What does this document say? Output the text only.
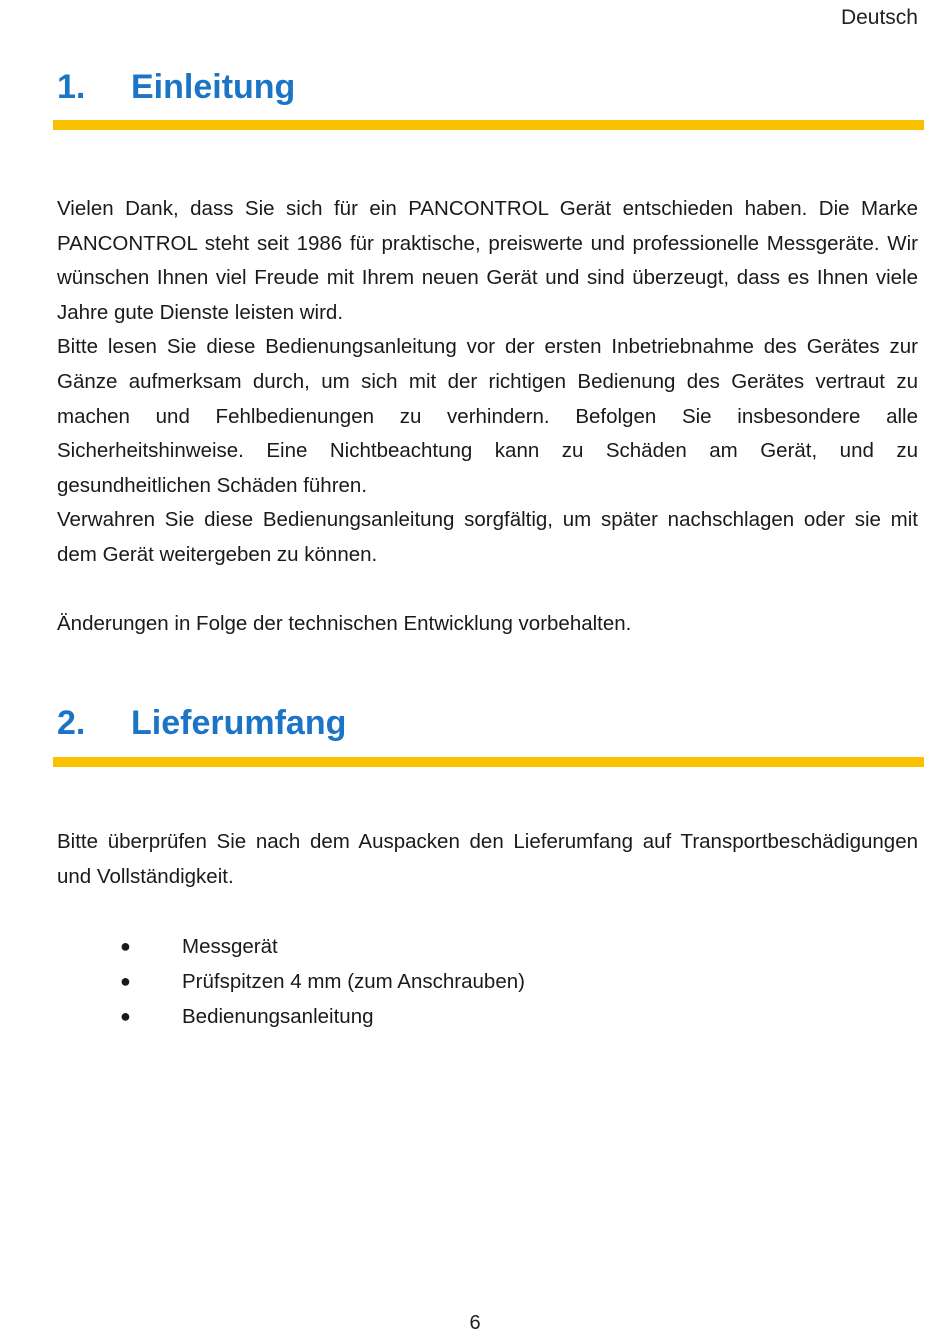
Deutsch
1.	Einleitung

Vielen Dank, dass Sie sich für ein PANCONTROL Gerät entschieden haben. Die Marke PANCONTROL steht seit 1986 für praktische, preiswerte und professionelle Messgeräte. Wir wünschen Ihnen viel Freude mit Ihrem neuen Gerät und sind überzeugt, dass es Ihnen viele Jahre gute Dienste leisten wird.

Bitte lesen Sie diese Bedienungsanleitung vor der ersten Inbetriebnahme des Gerätes zur Gänze aufmerksam durch, um sich mit der richtigen Bedienung des Gerätes vertraut zu machen und Fehlbedienungen zu verhindern. Befolgen Sie insbesondere alle Sicherheitshinweise. Eine Nichtbeachtung kann zu Schäden am Gerät, und zu gesundheitlichen Schäden führen.

Verwahren Sie diese Bedienungsanleitung sorgfältig, um später nachschlagen oder sie mit dem Gerät weitergeben zu können.

Änderungen in Folge der technischen Entwicklung vorbehalten.

2.	Lieferumfang

Bitte überprüfen Sie nach dem Auspacken den Lieferumfang auf Transportbeschädigungen und Vollständigkeit.

● Messgerät
● Prüfspitzen 4 mm (zum Anschrauben)
● Bedienungsanleitung
6
